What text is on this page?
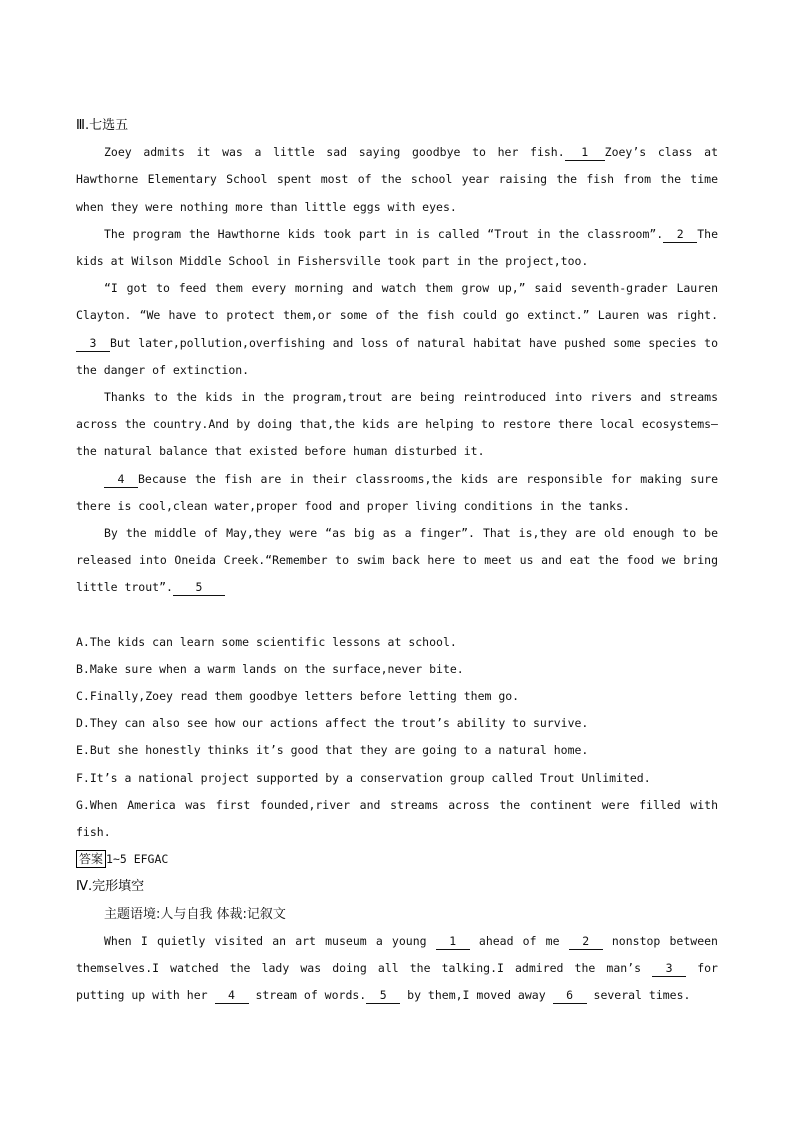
Ⅲ.七选五

Zoey admits it was a little sad saying goodbye to her fish. 1 Zoey’s class at Hawthorne Elementary School spent most of the school year raising the fish from the time when they were nothing more than little eggs with eyes.

The program the Hawthorne kids took part in is called “Trout in the classroom”. 2 The kids at Wilson Middle School in Fishersville took part in the project,too.

“I got to feed them every morning and watch them grow up,” said seventh-grader Lauren Clayton. “We have to protect them,or some of the fish could go extinct.” Lauren was right.3 But later,pollution,overfishing and loss of natural habitat have pushed some species to the danger of extinction.

Thanks to the kids in the program,trout are being reintroduced into rivers and streams across the country.And by doing that,the kids are helping to restore there local ecosystems—the natural balance that existed before human disturbed it.

4 Because the fish are in their classrooms,the kids are responsible for making sure there is cool,clean water,proper food and proper living conditions in the tanks.

By the middle of May,they were “as big as a finger”. That is,they are old enough to be released into Oneida Creek.“Remember to swim back here to meet us and eat the food we bring little trout”. 5

A.The kids can learn some scientific lessons at school.

B.Make sure when a warm lands on the surface,never bite.

C.Finally,Zoey read them goodbye letters before letting them go.

D.They can also see how our actions affect the trout’s ability to survive.

E.But she honestly thinks it’s good that they are going to a natural home.

F.It’s a national project supported by a conservation group called Trout Unlimited.

G.When America was first founded,river and streams across the continent were filled with fish.

答案 1~5 EFGAC
Ⅳ.完形填空
主题语境:人与自我 体裁:记叙文

When I quietly visited an art museum a young 1 ahead of me 2 nonstop between themselves.I watched the lady was doing all the talking.I admired the man’s 3 for putting up with her 4 stream of words. 5 by them,I moved away 6 several times.
